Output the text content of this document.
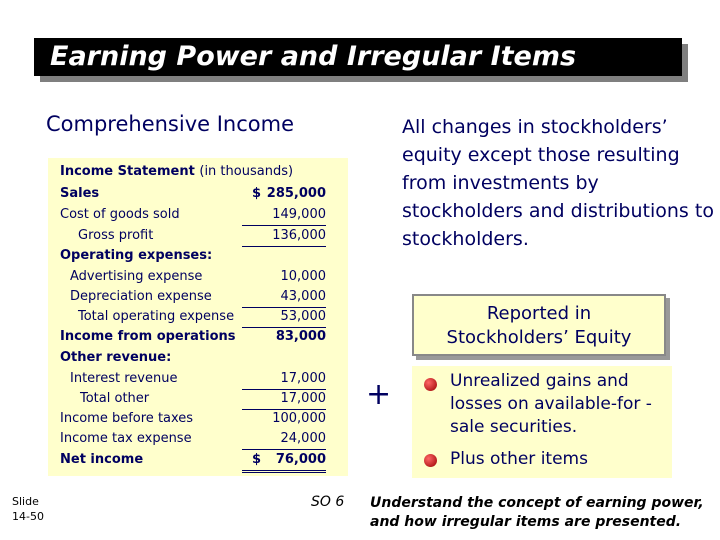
Earning Power and Irregular Items
Comprehensive Income	All changes in stockholders’ equity except those resulting from investments by stockholders and distributions to stockholders.
Income Statement (in thousands)
Sales	$ 285,000
Cost of goods sold	149,000
Gross profit	136,000
Operating expenses:
Advertising expense	10,000
Depreciation expense	43,000
Total operating expense	53,000
Income from operations	83,000
Other revenue:
Interest revenue	17,000
Total other	17,000
Income before taxes	100,000
Income tax expense	24,000
Net income	$	76,000
+
Reported in
Stockholders’ Equity
Unrealized gains and losses on available-for -sale securities.
Plus other items
Slide
14-50
SO 6 Understand the concept of earning power,
and how irregular items are presented.
